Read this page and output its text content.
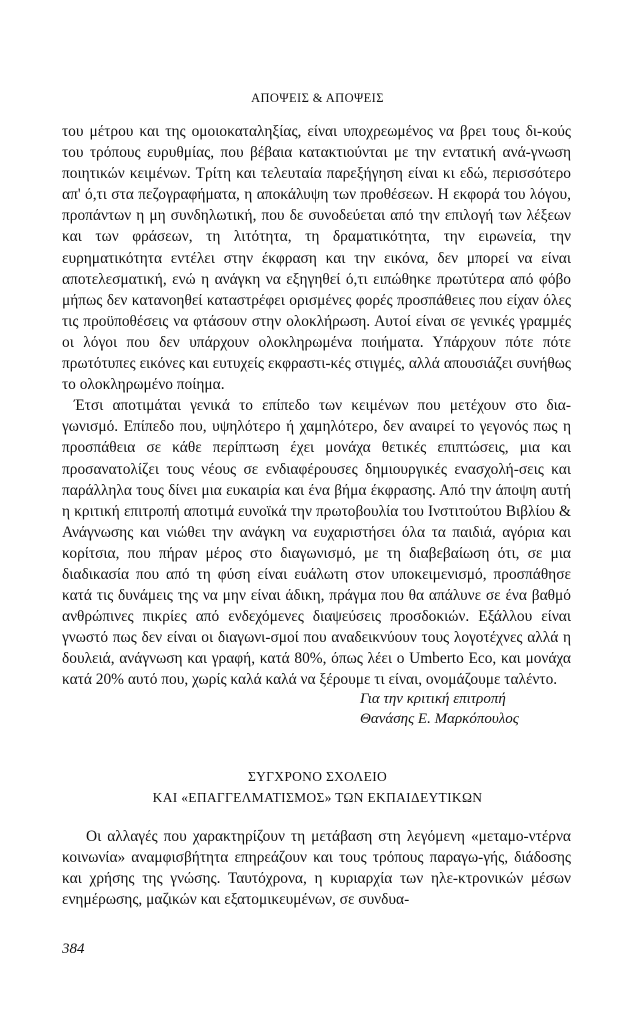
ΑΠΟΨΕΙΣ & ΑΠΟΨΕΙΣ

του μέτρου και της ομοιοκαταληξίας, είναι υποχρεωμένος να βρει τους δι-κούς του τρόπους ευρυθμίας, που βέβαια κατακτιούνται με την εντατική ανά-γνωση ποιητικών κειμένων. Τρίτη και τελευταία παρεξήγηση είναι κι εδώ, περισσότερο απ' ό,τι στα πεζογραφήματα, η αποκάλυψη των προθέσεων. Η εκφορά του λόγου, προπάντων η μη συνδηλωτική, που δε συνοδεύεται από την επιλογή των λέξεων και των φράσεων, τη λιτότητα, τη δραματικότητα, την ειρωνεία, την ευρηματικότητα εντέλει στην έκφραση και την εικόνα, δεν μπορεί να είναι αποτελεσματική, ενώ η ανάγκη να εξηγηθεί ό,τι ειπώθηκε πρωτύτερα από φόβο μήπως δεν κατανοηθεί καταστρέφει ορισμένες φορές προσπάθειες που είχαν όλες τις προϋποθέσεις να φτάσουν στην ολοκλήρωση. Αυτοί είναι σε γενικές γραμμές οι λόγοι που δεν υπάρχουν ολοκληρωμένα ποιήματα. Υπάρχουν πότε πότε πρωτότυπες εικόνες και ευτυχείς εκφραστι-κές στιγμές, αλλά απουσιάζει συνήθως το ολοκληρωμένο ποίημα.

Έτσι αποτιμάται γενικά το επίπεδο των κειμένων που μετέχουν στο δια-γωνισμό. Επίπεδο που, υψηλότερο ή χαμηλότερο, δεν αναιρεί το γεγονός πως η προσπάθεια σε κάθε περίπτωση έχει μονάχα θετικές επιπτώσεις, μια και προσανατολίζει τους νέους σε ενδιαφέρουσες δημιουργικές ενασχολή-σεις και παράλληλα τους δίνει μια ευκαιρία και ένα βήμα έκφρασης. Από την άποψη αυτή η κριτική επιτροπή αποτιμά ευνοϊκά την πρωτοβουλία του Ινστιτούτου Βιβλίου & Ανάγνωσης και νιώθει την ανάγκη να ευχαριστήσει όλα τα παιδιά, αγόρια και κορίτσια, που πήραν μέρος στο διαγωνισμό, με τη διαβεβαίωση ότι, σε μια διαδικασία που από τη φύση είναι ευάλωτη στον υποκειμενισμό, προσπάθησε κατά τις δυνάμεις της να μην είναι άδικη, πράγμα που θα απάλυνε σε ένα βαθμό ανθρώπινες πικρίες από ενδεχόμενες διαψεύσεις προσδοκιών. Εξάλλου είναι γνωστό πως δεν είναι οι διαγωνι-σμοί που αναδεικνύουν τους λογοτέχνες αλλά η δουλειά, ανάγνωση και γραφή, κατά 80%, όπως λέει ο Umberto Eco, και μονάχα κατά 20% αυτό που, χωρίς καλά καλά να ξέρουμε τι είναι, ονομάζουμε ταλέντο.

Για την κριτική επιτροπή
Θανάσης Ε. Μαρκόπουλος
ΣΥΓΧΡΟΝΟ ΣΧΟΛΕΙΟ
ΚΑΙ «ΕΠΑΓΓΕΛΜΑΤΙΣΜΟΣ» ΤΩΝ ΕΚΠΑΙΔΕΥΤΙΚΩΝ
Οι αλλαγές που χαρακτηρίζουν τη μετάβαση στη λεγόμενη «μεταμο-ντέρνα κοινωνία» αναμφισβήτητα επηρεάζουν και τους τρόπους παραγω-γής, διάδοσης και χρήσης της γνώσης. Ταυτόχρονα, η κυριαρχία των ηλε-κτρονικών μέσων ενημέρωσης, μαζικών και εξατομικευμένων, σε συνδυα-
384
